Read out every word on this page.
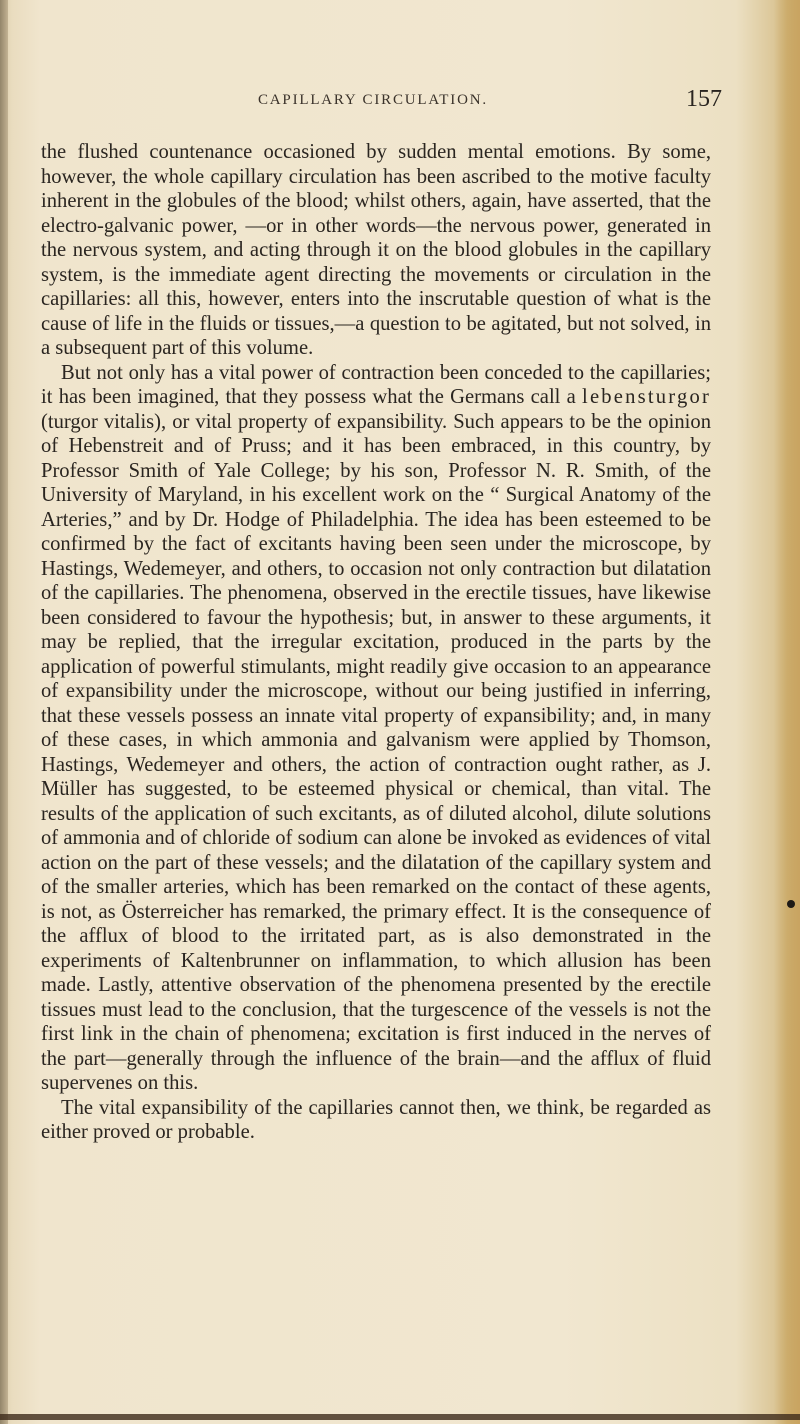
CAPILLARY CIRCULATION.	157

the flushed countenance occasioned by sudden mental emotions. By some, however, the whole capillary circulation has been ascribed to the motive faculty inherent in the globules of the blood; whilst others, again, have asserted, that the electro-galvanic power, —or in other words—the nervous power, generated in the nervous system, and acting through it on the blood globules in the capillary system, is the immediate agent directing the movements or circulation in the capillaries: all this, however, enters into the inscrutable question of what is the cause of life in the fluids or tissues,—a question to be agitated, but not solved, in a subsequent part of this volume.

But not only has a vital power of contraction been conceded to the capillaries; it has been imagined, that they possess what the Germans call a lebensturgor (turgor vitalis), or vital property of expansibility. Such appears to be the opinion of Hebenstreit and of Pruss; and it has been embraced, in this country, by Professor Smith of Yale College; by his son, Professor N. R. Smith, of the University of Maryland, in his excellent work on the “ Surgical Anatomy of the Arteries,” and by Dr. Hodge of Philadelphia. The idea has been esteemed to be confirmed by the fact of excitants having been seen under the microscope, by Hastings, Wedemeyer, and others, to occasion not only contraction but dilatation of the capillaries. The phenomena, observed in the erectile tissues, have likewise been considered to favour the hypothesis; but, in answer to these arguments, it may be replied, that the irregular excitation, produced in the parts by the application of powerful stimulants, might readily give occasion to an appearance of expansibility under the microscope, without our being justified in inferring, that these vessels possess an innate vital property of expansibility; and, in many of these cases, in which ammonia and galvanism were applied by Thomson, Hastings, Wedemeyer and others, the action of contraction ought rather, as J. Müller has suggested, to be esteemed physical or chemical, than vital. The results of the application of such excitants, as of diluted alcohol, dilute solutions of ammonia and of chloride of sodium can alone be invoked as evidences of vital action on the part of these vessels; and the dilatation of the capillary system and of the smaller arteries, which has been remarked on the contact of these agents, is not, as Österreicher has remarked, the primary effect. It is the consequence of the afflux of blood to the irritated part, as is also demonstrated in the experiments of Kaltenbrunner on inflammation, to which allusion has been made. Lastly, attentive observation of the phenomena presented by the erectile tissues must lead to the conclusion, that the turgescence of the vessels is not the first link in the chain of phenomena; excitation is first induced in the nerves of the part—generally through the influence of the brain—and the afflux of fluid supervenes on this.

The vital expansibility of the capillaries cannot then, we think, be regarded as either proved or probable.
